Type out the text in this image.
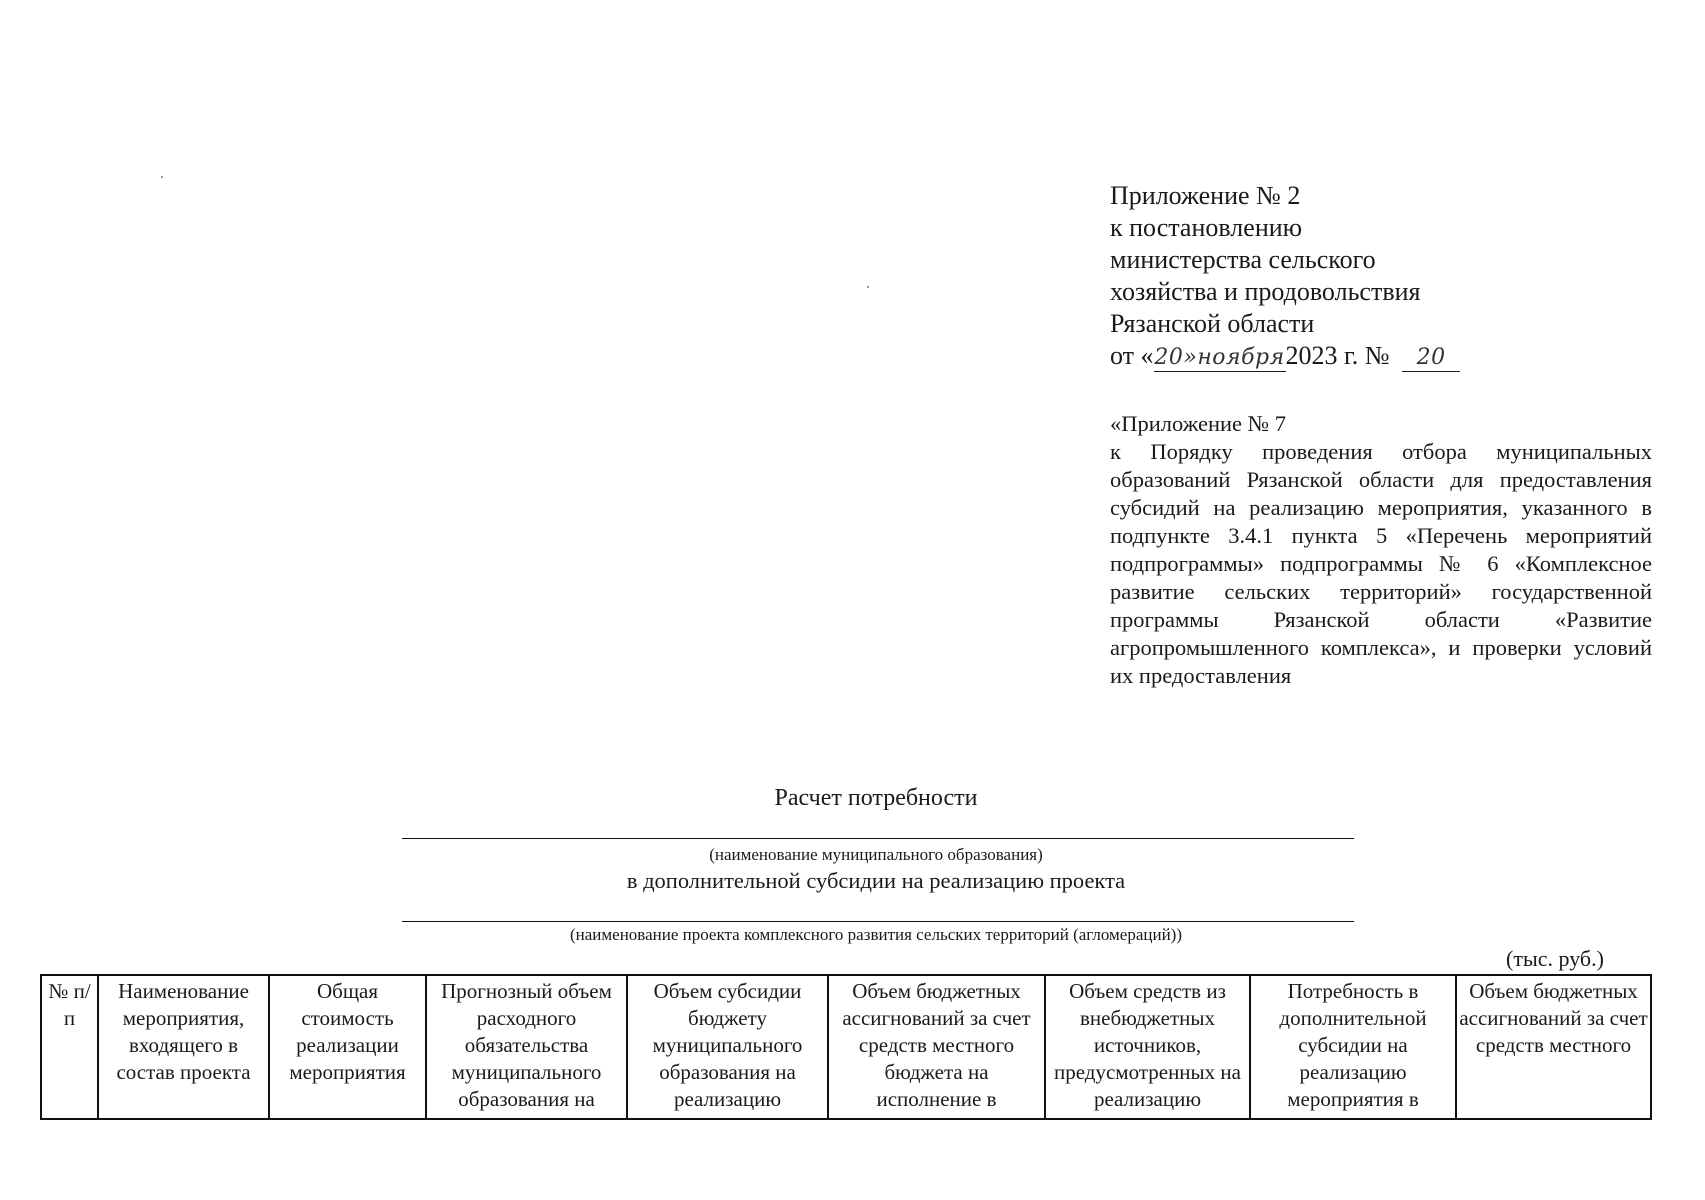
Приложение № 2
к постановлению
министерства сельского
хозяйства и продовольствия
Рязанской области
от «20»ноября2023 г. № 20
«Приложение № 7
к Порядку проведения отбора муниципальных образований Рязанской области для предоставления субсидий на реализацию мероприятия, указанного в подпункте 3.4.1 пункта 5 «Перечень мероприятий подпрограммы» подпрограммы № 6 «Комплексное развитие сельских территорий» государственной программы Рязанской области «Развитие агропромышленного комплекса», и проверки условий их предоставления
Расчет потребности
(наименование муниципального образования)
в дополнительной субсидии на реализацию проекта
(наименование проекта комплексного развития сельских территорий (агломераций))
(тыс. руб.)
№ п/п	Наименование мероприятия, входящего в состав проекта	Общая стоимость реализации мероприятия	Прогнозный объем расходного обязательства муниципального образования на	Объем субсидии бюджету муниципального образования на реализацию	Объем бюджетных ассигнований за счет средств местного бюджета на исполнение в	Объем средств из внебюджетных источников, предусмотренных на реализацию	Потребность в дополнительной субсидии на реализацию мероприятия в	Объем бюджетных ассигнований за счет средств местного
